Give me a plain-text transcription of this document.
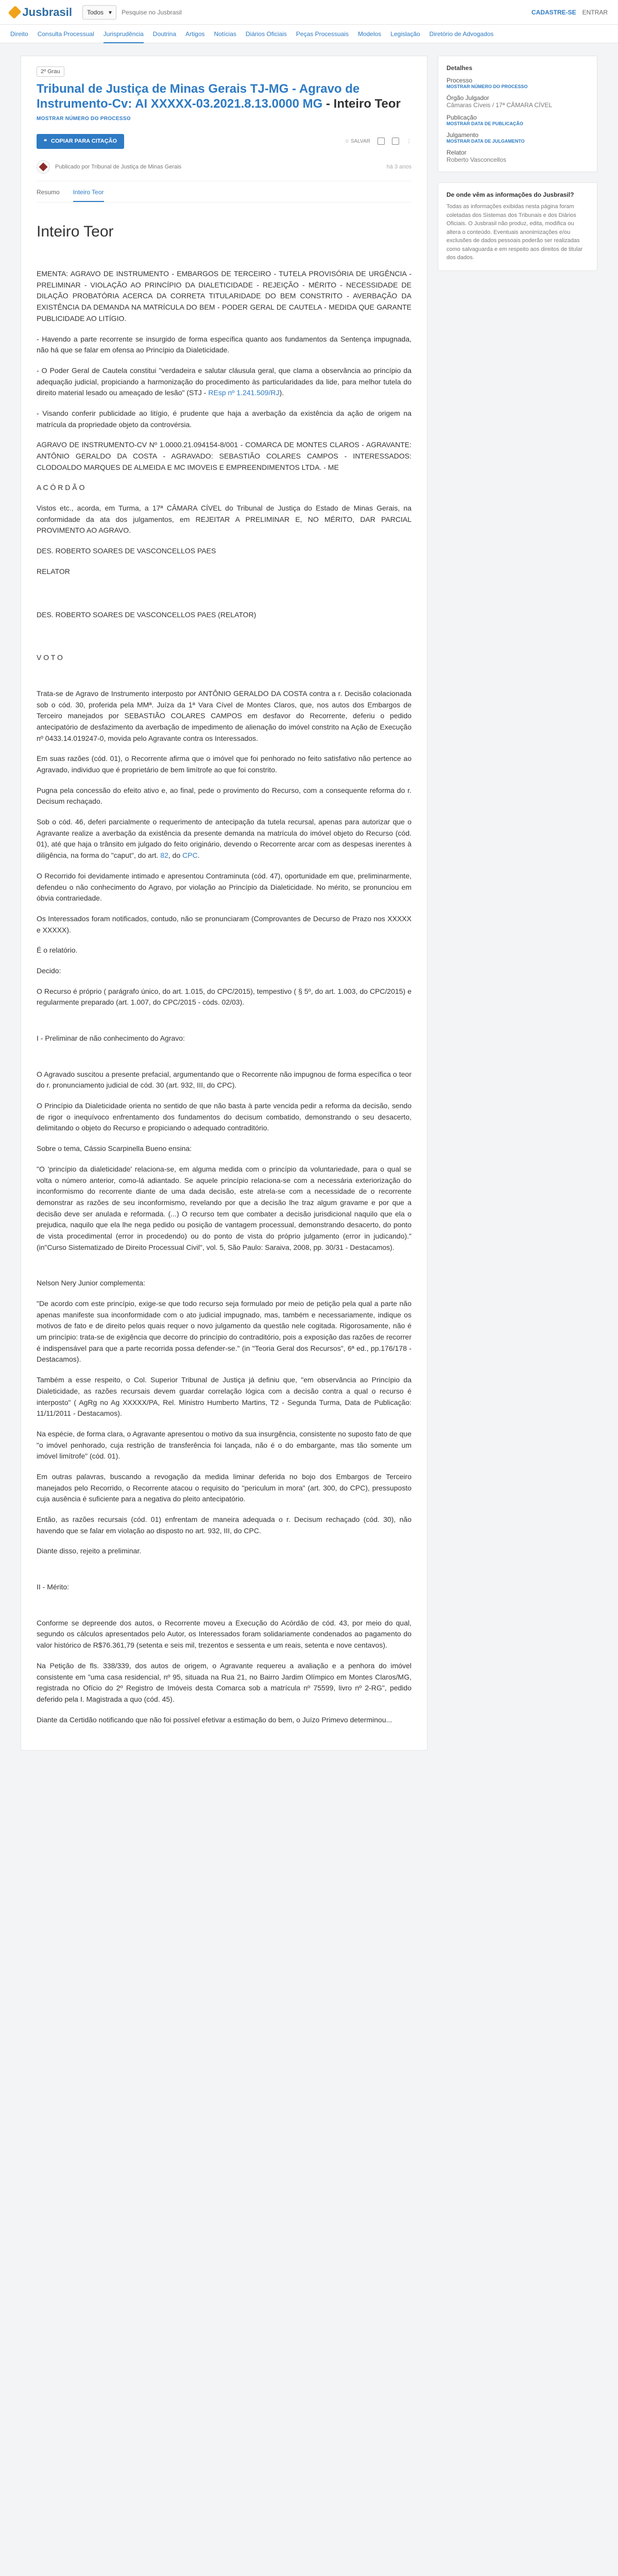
Jusbrasil Todos ▾
Pesquise no Jusbrasil	CADASTRE-SE ENTRAR
Direito Consulta Processual Jurisprudência Doutrina Artigos Notícias Diários Oficiais Peças Processuais Modelos Legislação Diretório de Advogados
2º Grau
Tribunal de Justiça de Minas Gerais TJ-MG - Agravo de Instrumento-Cv: AI XXXXX-03.2021.8.13.0000 MG - Inteiro Teor
MOSTRAR NÚMERO DO PROCESSO
❝ COPIAR PARA CITAÇÃO	☆ SALVAR	⋮
Publicado por Tribunal de Justiça de Minas Gerais	há 3 anos
Resumo Inteiro Teor
Inteiro Teor

EMENTA: AGRAVO DE INSTRUMENTO - EMBARGOS DE TERCEIRO - TUTELA PROVISÓRIA DE URGÊNCIA - PRELIMINAR - VIOLAÇÃO AO PRINCÍPIO DA DIALETICIDADE - REJEIÇÃO - MÉRITO - NECESSIDADE DE DILAÇÃO PROBATÓRIA ACERCA DA CORRETA TITULARIDADE DO BEM CONSTRITO - AVERBAÇÃO DA EXISTÊNCIA DA DEMANDA NA MATRÍCULA DO BEM - PODER GERAL DE CAUTELA - MEDIDA QUE GARANTE PUBLICIDADE AO LITÍGIO.

- Havendo a parte recorrente se insurgido de forma específica quanto aos fundamentos da Sentença impugnada, não há que se falar em ofensa ao Princípio da Dialeticidade.

- O Poder Geral de Cautela constitui "verdadeira e salutar cláusula geral, que clama a observância ao princípio da adequação judicial, propiciando a harmonização do procedimento às particularidades da lide, para melhor tutela do direito material lesado ou ameaçado de lesão" (STJ - REsp nº 1.241.509/RJ).

- Visando conferir publicidade ao litígio, é prudente que haja a averbação da existência da ação de origem na matrícula da propriedade objeto da controvérsia.

AGRAVO DE INSTRUMENTO-CV Nº 1.0000.21.094154-8/001 - COMARCA DE MONTES CLAROS - AGRAVANTE: ANTÔNIO GERALDO DA COSTA - AGRAVADO: SEBASTIÃO COLARES CAMPOS - INTERESSADOS: CLODOALDO MARQUES DE ALMEIDA E MC IMOVEIS E EMPREENDIMENTOS LTDA. - ME

A C Ó R D Ã O

Vistos etc., acorda, em Turma, a 17ª CÂMARA CÍVEL do Tribunal de Justiça do Estado de Minas Gerais, na conformidade da ata dos julgamentos, em REJEITAR A PRELIMINAR E, NO MÉRITO, DAR PARCIAL PROVIMENTO AO AGRAVO.

DES. ROBERTO SOARES DE VASCONCELLOS PAES

RELATOR

DES. ROBERTO SOARES DE VASCONCELLOS PAES (RELATOR)

V O T O

Trata-se de Agravo de Instrumento interposto por ANTÔNIO GERALDO DA COSTA contra a r. Decisão colacionada sob o cód. 30, proferida pela MMª. Juíza da 1ª Vara Cível de Montes Claros, que, nos autos dos Embargos de Terceiro manejados por SEBASTIÃO COLARES CAMPOS em desfavor do Recorrente, deferiu o pedido antecipatório de desfazimento da averbação de impedimento de alienação do imóvel constrito na Ação de Execução nº 0433.14.019247-0, movida pelo Agravante contra os Interessados.

Em suas razões (cód. 01), o Recorrente afirma que o imóvel que foi penhorado no feito satisfativo não pertence ao Agravado, individuo que é proprietário de bem limítrofe ao que foi constrito.

Pugna pela concessão do efeito ativo e, ao final, pede o provimento do Recurso, com a consequente reforma do r. Decisum rechaçado.

Sob o cód. 46, deferi parcialmente o requerimento de antecipação da tutela recursal, apenas para autorizar que o Agravante realize a averbação da existência da presente demanda na matrícula do imóvel objeto do Recurso (cód. 01), até que haja o trânsito em julgado do feito originário, devendo o Recorrente arcar com as despesas inerentes à diligência, na forma do "caput", do art. 82, do CPC.

O Recorrido foi devidamente intimado e apresentou Contraminuta (cód. 47), oportunidade em que, preliminarmente, defendeu o não conhecimento do Agravo, por violação ao Princípio da Dialeticidade. No mérito, se pronunciou em óbvia contrariedade.

Os Interessados foram notificados, contudo, não se pronunciaram (Comprovantes de Decurso de Prazo nos XXXXX e XXXXX).

É o relatório.

Decido:

O Recurso é próprio ( parágrafo único, do art. 1.015, do CPC/2015), tempestivo ( § 5º, do art. 1.003, do CPC/2015) e regularmente preparado (art. 1.007, do CPC/2015 - códs. 02/03).

I - Preliminar de não conhecimento do Agravo:

O Agravado suscitou a presente prefacial, argumentando que o Recorrente não impugnou de forma específica o teor do r. pronunciamento judicial de cód. 30 (art. 932, III, do CPC).

O Princípio da Dialeticidade orienta no sentido de que não basta à parte vencida pedir a reforma da decisão, sendo de rigor o inequívoco enfrentamento dos fundamentos do decisum combatido, demonstrando o seu desacerto, delimitando o objeto do Recurso e propiciando o adequado contraditório.

Sobre o tema, Cássio Scarpinella Bueno ensina:

"O 'princípio da dialeticidade' relaciona-se, em alguma medida com o princípio da voluntariedade, para o qual se volta o número anterior, como-lá adiantado. Se aquele princípio relaciona-se com a necessária exteriorização do inconformismo do recorrente diante de uma dada decisão, este atrela-se com a necessidade de o recorrente demonstrar as razões de seu inconformismo, revelando por que a decisão lhe traz algum gravame e por que a decisão deve ser anulada e reformada. (...) O recurso tem que combater a decisão jurisdicional naquilo que ela o prejudica, naquilo que ela lhe nega pedido ou posição de vantagem processual, demonstrando desacerto, do ponto de vista procedimental (error in procedendo) ou do ponto de vista do próprio julgamento (error in judicando)." (in"Curso Sistematizado de Direito Processual Civil", vol. 5, São Paulo: Saraiva, 2008, pp. 30/31 - Destacamos).

Nelson Nery Junior complementa:

"De acordo com este princípio, exige-se que todo recurso seja formulado por meio de petição pela qual a parte não apenas manifeste sua inconformidade com o ato judicial impugnado, mas, também e necessariamente, indique os motivos de fato e de direito pelos quais requer o novo julgamento da questão nele cogitada. Rigorosamente, não é um princípio: trata-se de exigência que decorre do princípio do contraditório, pois a exposição das razões de recorrer é indispensável para que a parte recorrida possa defender-se." (in "Teoria Geral dos Recursos", 6ª ed., pp.176/178 - Destacamos).

Também a esse respeito, o Col. Superior Tribunal de Justiça já definiu que, "em observância ao Princípio da Dialeticidade, as razões recursais devem guardar correlação lógica com a decisão contra a qual o recurso é interposto" ( AgRg no Ag XXXXX/PA, Rel. Ministro Humberto Martins, T2 - Segunda Turma, Data de Publicação: 11/11/2011 - Destacamos).

Na espécie, de forma clara, o Agravante apresentou o motivo da sua insurgência, consistente no suposto fato de que "o imóvel penhorado, cuja restrição de transferência foi lançada, não é o do embargante, mas tão somente um imóvel limítrofe" (cód. 01).

Em outras palavras, buscando a revogação da medida liminar deferida no bojo dos Embargos de Terceiro manejados pelo Recorrido, o Recorrente atacou o requisito do "periculum in mora" (art. 300, do CPC), pressuposto cuja ausência é suficiente para a negativa do pleito antecipatório.

Então, as razões recursais (cód. 01) enfrentam de maneira adequada o r. Decisum rechaçado (cód. 30), não havendo que se falar em violação ao disposto no art. 932, III, do CPC.

Diante disso, rejeito a preliminar.

II - Mérito:

Conforme se depreende dos autos, o Recorrente moveu a Execução do Acórdão de cód. 43, por meio do qual, segundo os cálculos apresentados pelo Autor, os Interessados foram solidariamente condenados ao pagamento do valor histórico de R$76.361,79 (setenta e seis mil, trezentos e sessenta e um reais, setenta e nove centavos).

Na Petição de fls. 338/339, dos autos de origem, o Agravante requereu a avaliação e a penhora do imóvel consistente em "uma casa residencial, nº 95, situada na Rua 21, no Bairro Jardim Olímpico em Montes Claros/MG, registrada no Ofício do 2º Registro de Imóveis desta Comarca sob a matrícula nº 75599, livro nº 2-RG", pedido deferido pela I. Magistrada a quo (cód. 45).

Diante da Certidão notificando que não foi possível efetivar a estimação do bem, o Juízo Primevo determinou...

Detalhes
Processo
MOSTRAR NÚMERO DO PROCESSO
Órgão Julgador
Câmaras Cíveis / 17ª CÂMARA CÍVEL
Publicação
MOSTRAR DATA DE PUBLICAÇÃO
Julgamento
MOSTRAR DATA DE JULGAMENTO
Relator
Roberto Vasconcellos
De onde vêm as informações do Jusbrasil?
Todas as informações exibidas nesta página foram coletadas dos Sistemas dos Tribunais e dos Diários Oficiais. O Jusbrasil não produz, edita, modifica ou altera o conteúdo. Eventuais anonimizações e/ou exclusões de dados pessoais poderão ser realizadas como salvaguarda e em respeito aos direitos de titular dos dados.
